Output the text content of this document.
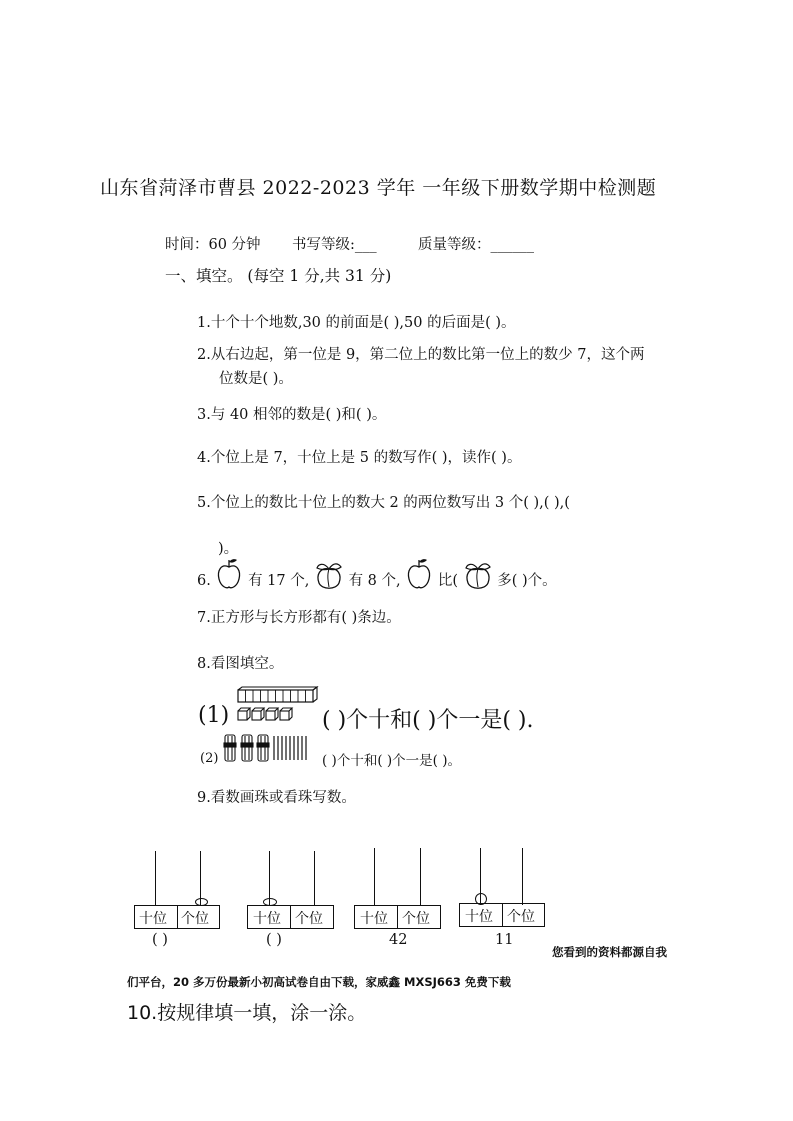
山东省菏泽市曹县 2022-2023 学年 一年级下册数学期中检测题
时间：60 分钟 书写等级:___	质量等级：______
一、填空。 (每空 1 分,共 31 分)
1.十个十个地数,30 的前面是( ),50 的后面是( )。
2.从右边起，第一位是 9，第二位上的数比第一位上的数少 7，这个两
位数是( )。
3.与 40 相邻的数是( )和( )。
4.个位上是 7，十位上是 5 的数写作( )，读作( )。
5.个位上的数比十位上的数大 2 的两位数写出 3 个( ),( ),(
)。
6.	有 17 个,	有 8 个,	比(	多( )个。
7.正方形与长方形都有( )条边。
8.看图填空。
(1)	( )个十和( )个一是( ).
(2)	( )个十和( )个一是( )。
9.看数画珠或看珠写数。
十位 个位
( )
十位 个位
( )
十位 个位
42
十位 个位
11
您看到的资料都源自我
们平台，20 多万份最新小初高试卷自由下载，家威鑫 MXSJ663 免费下载
10.按规律填一填，涂一涂。
